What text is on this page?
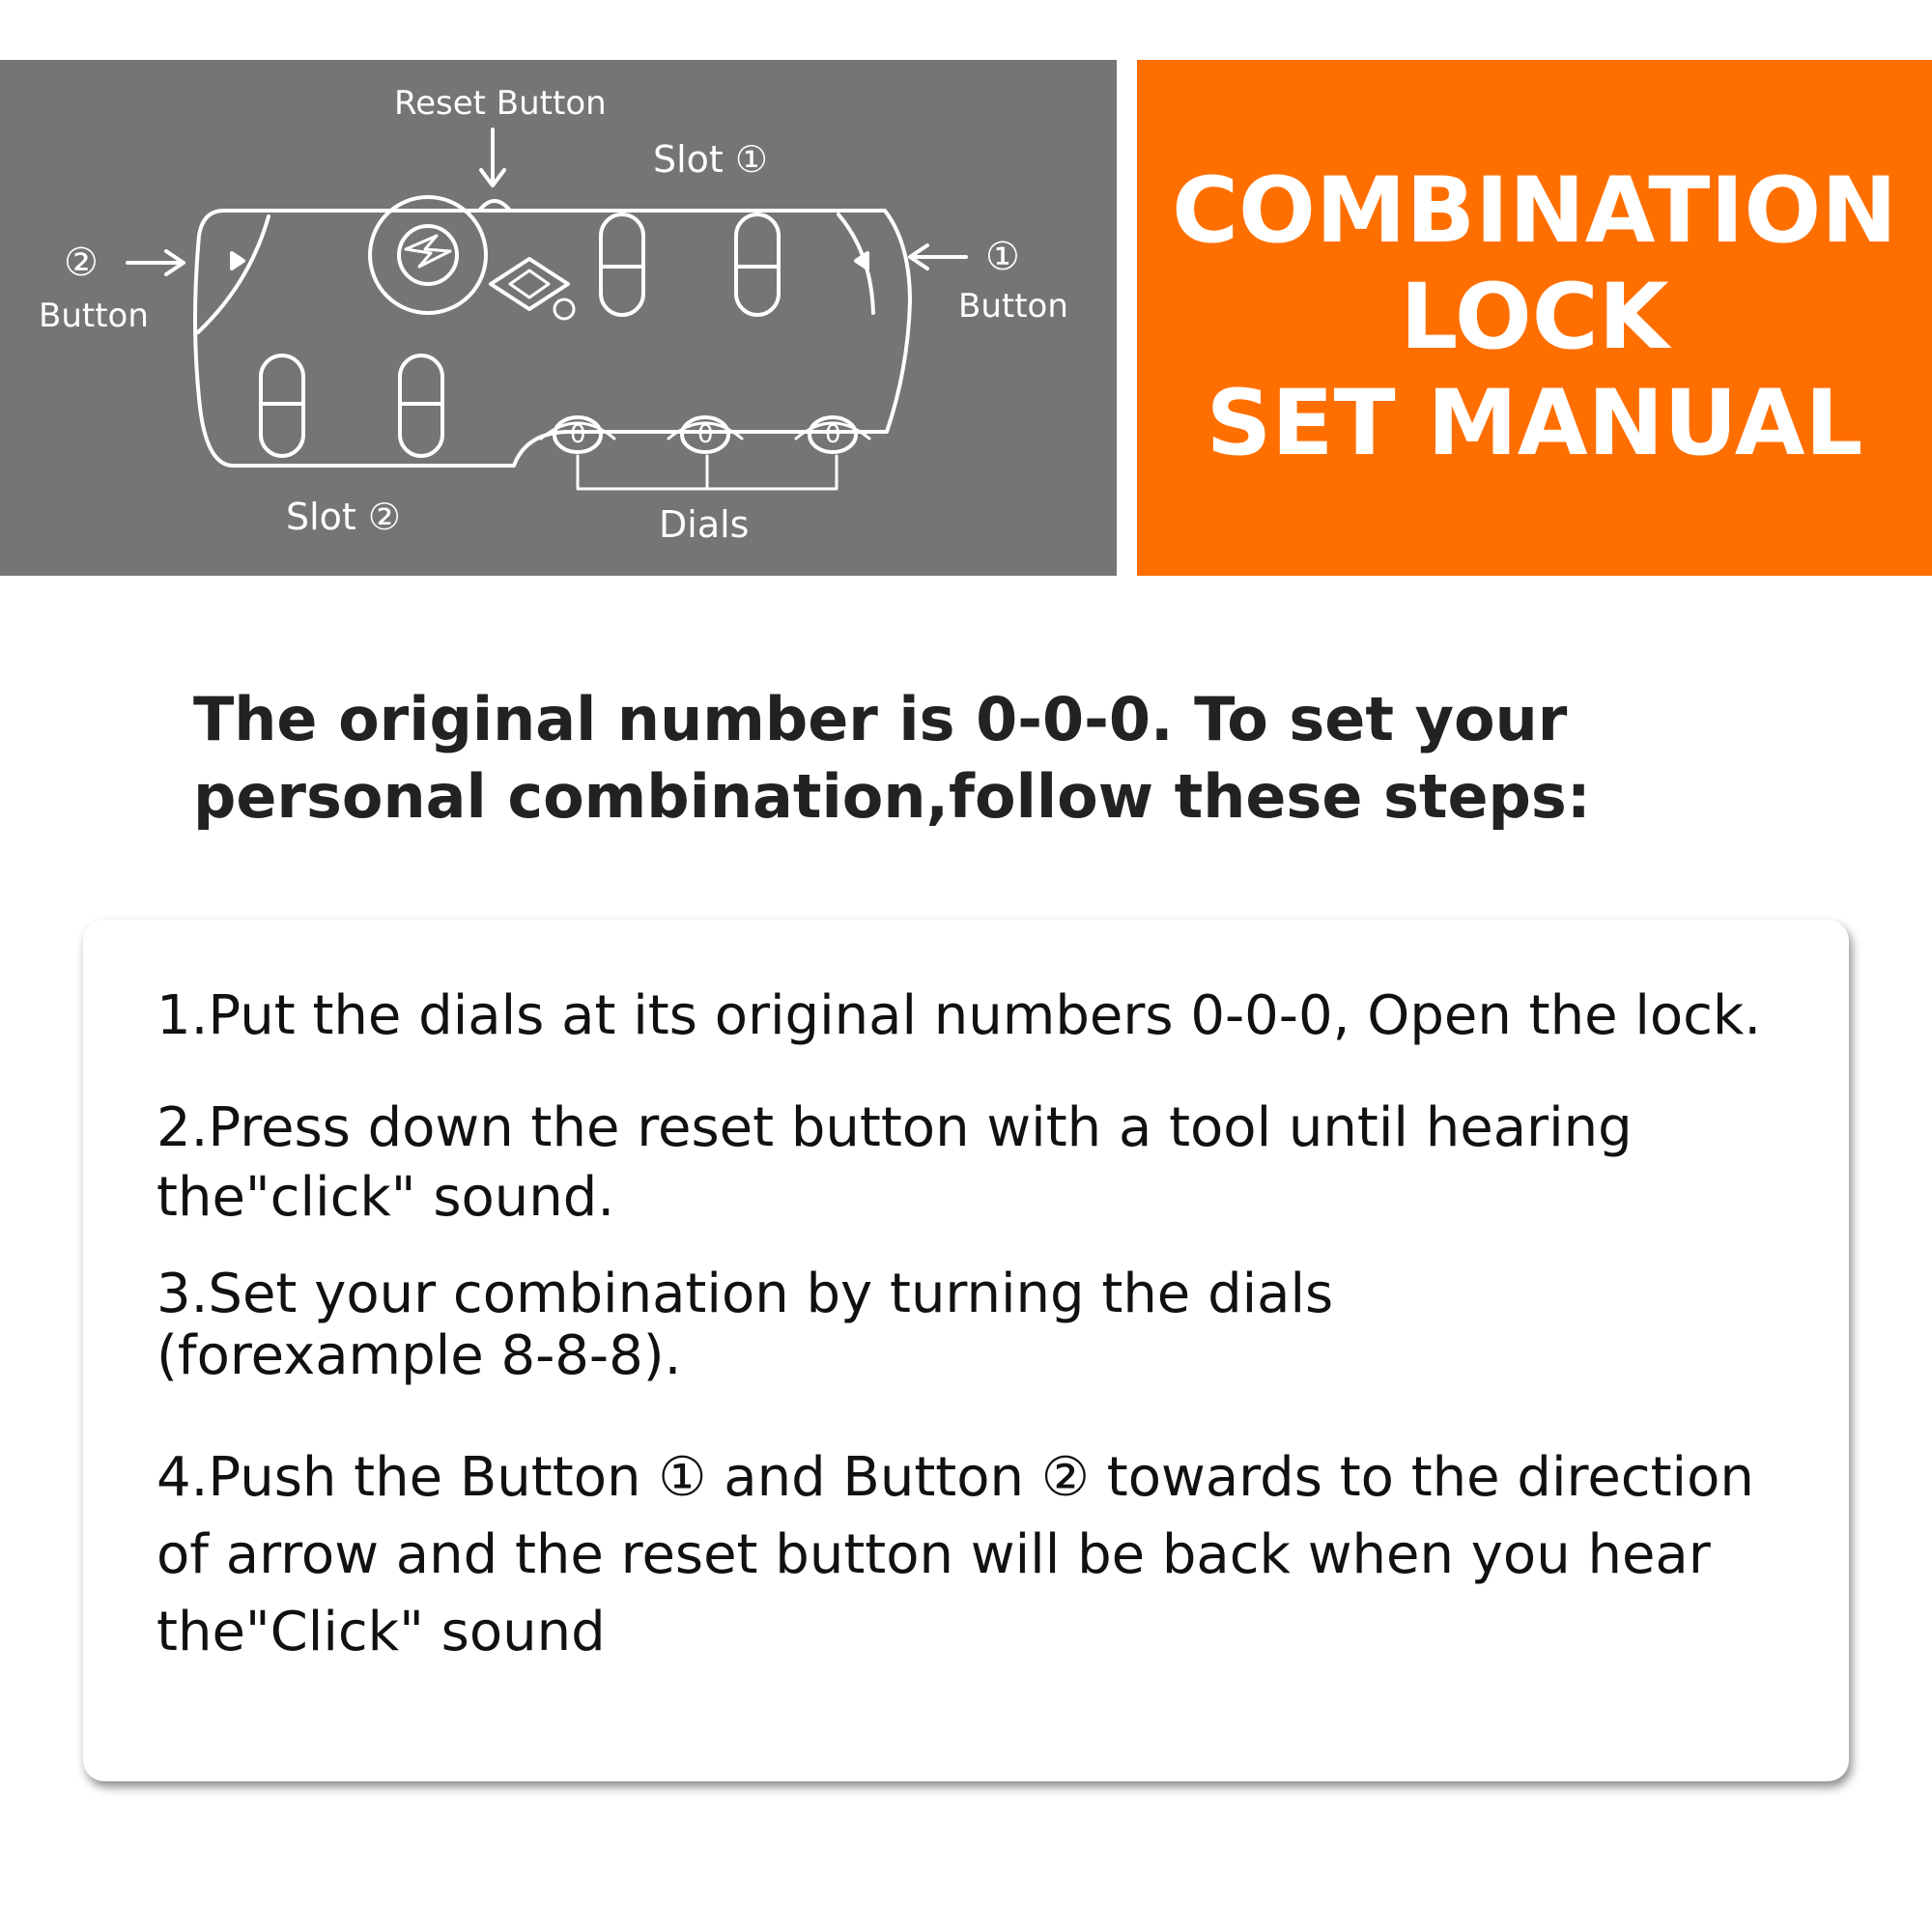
Reset Button
Slot ①
②
Button
①
Button
Slot ②	Dials
0	0	0
COMBINATION
LOCK
SET MANUAL
The original number is 0-0-0. To set your personal combination,follow these steps:
1.Put the dials at its original numbers 0-0-0, Open the lock.
2.Press down the reset button with a tool until hearing
the"click" sound.
3.Set your combination by turning the dials
(forexample 8-8-8).
4.Push the Button ① and Button ② towards to the direction
of arrow and the reset button will be back when you hear
the"Click" sound
